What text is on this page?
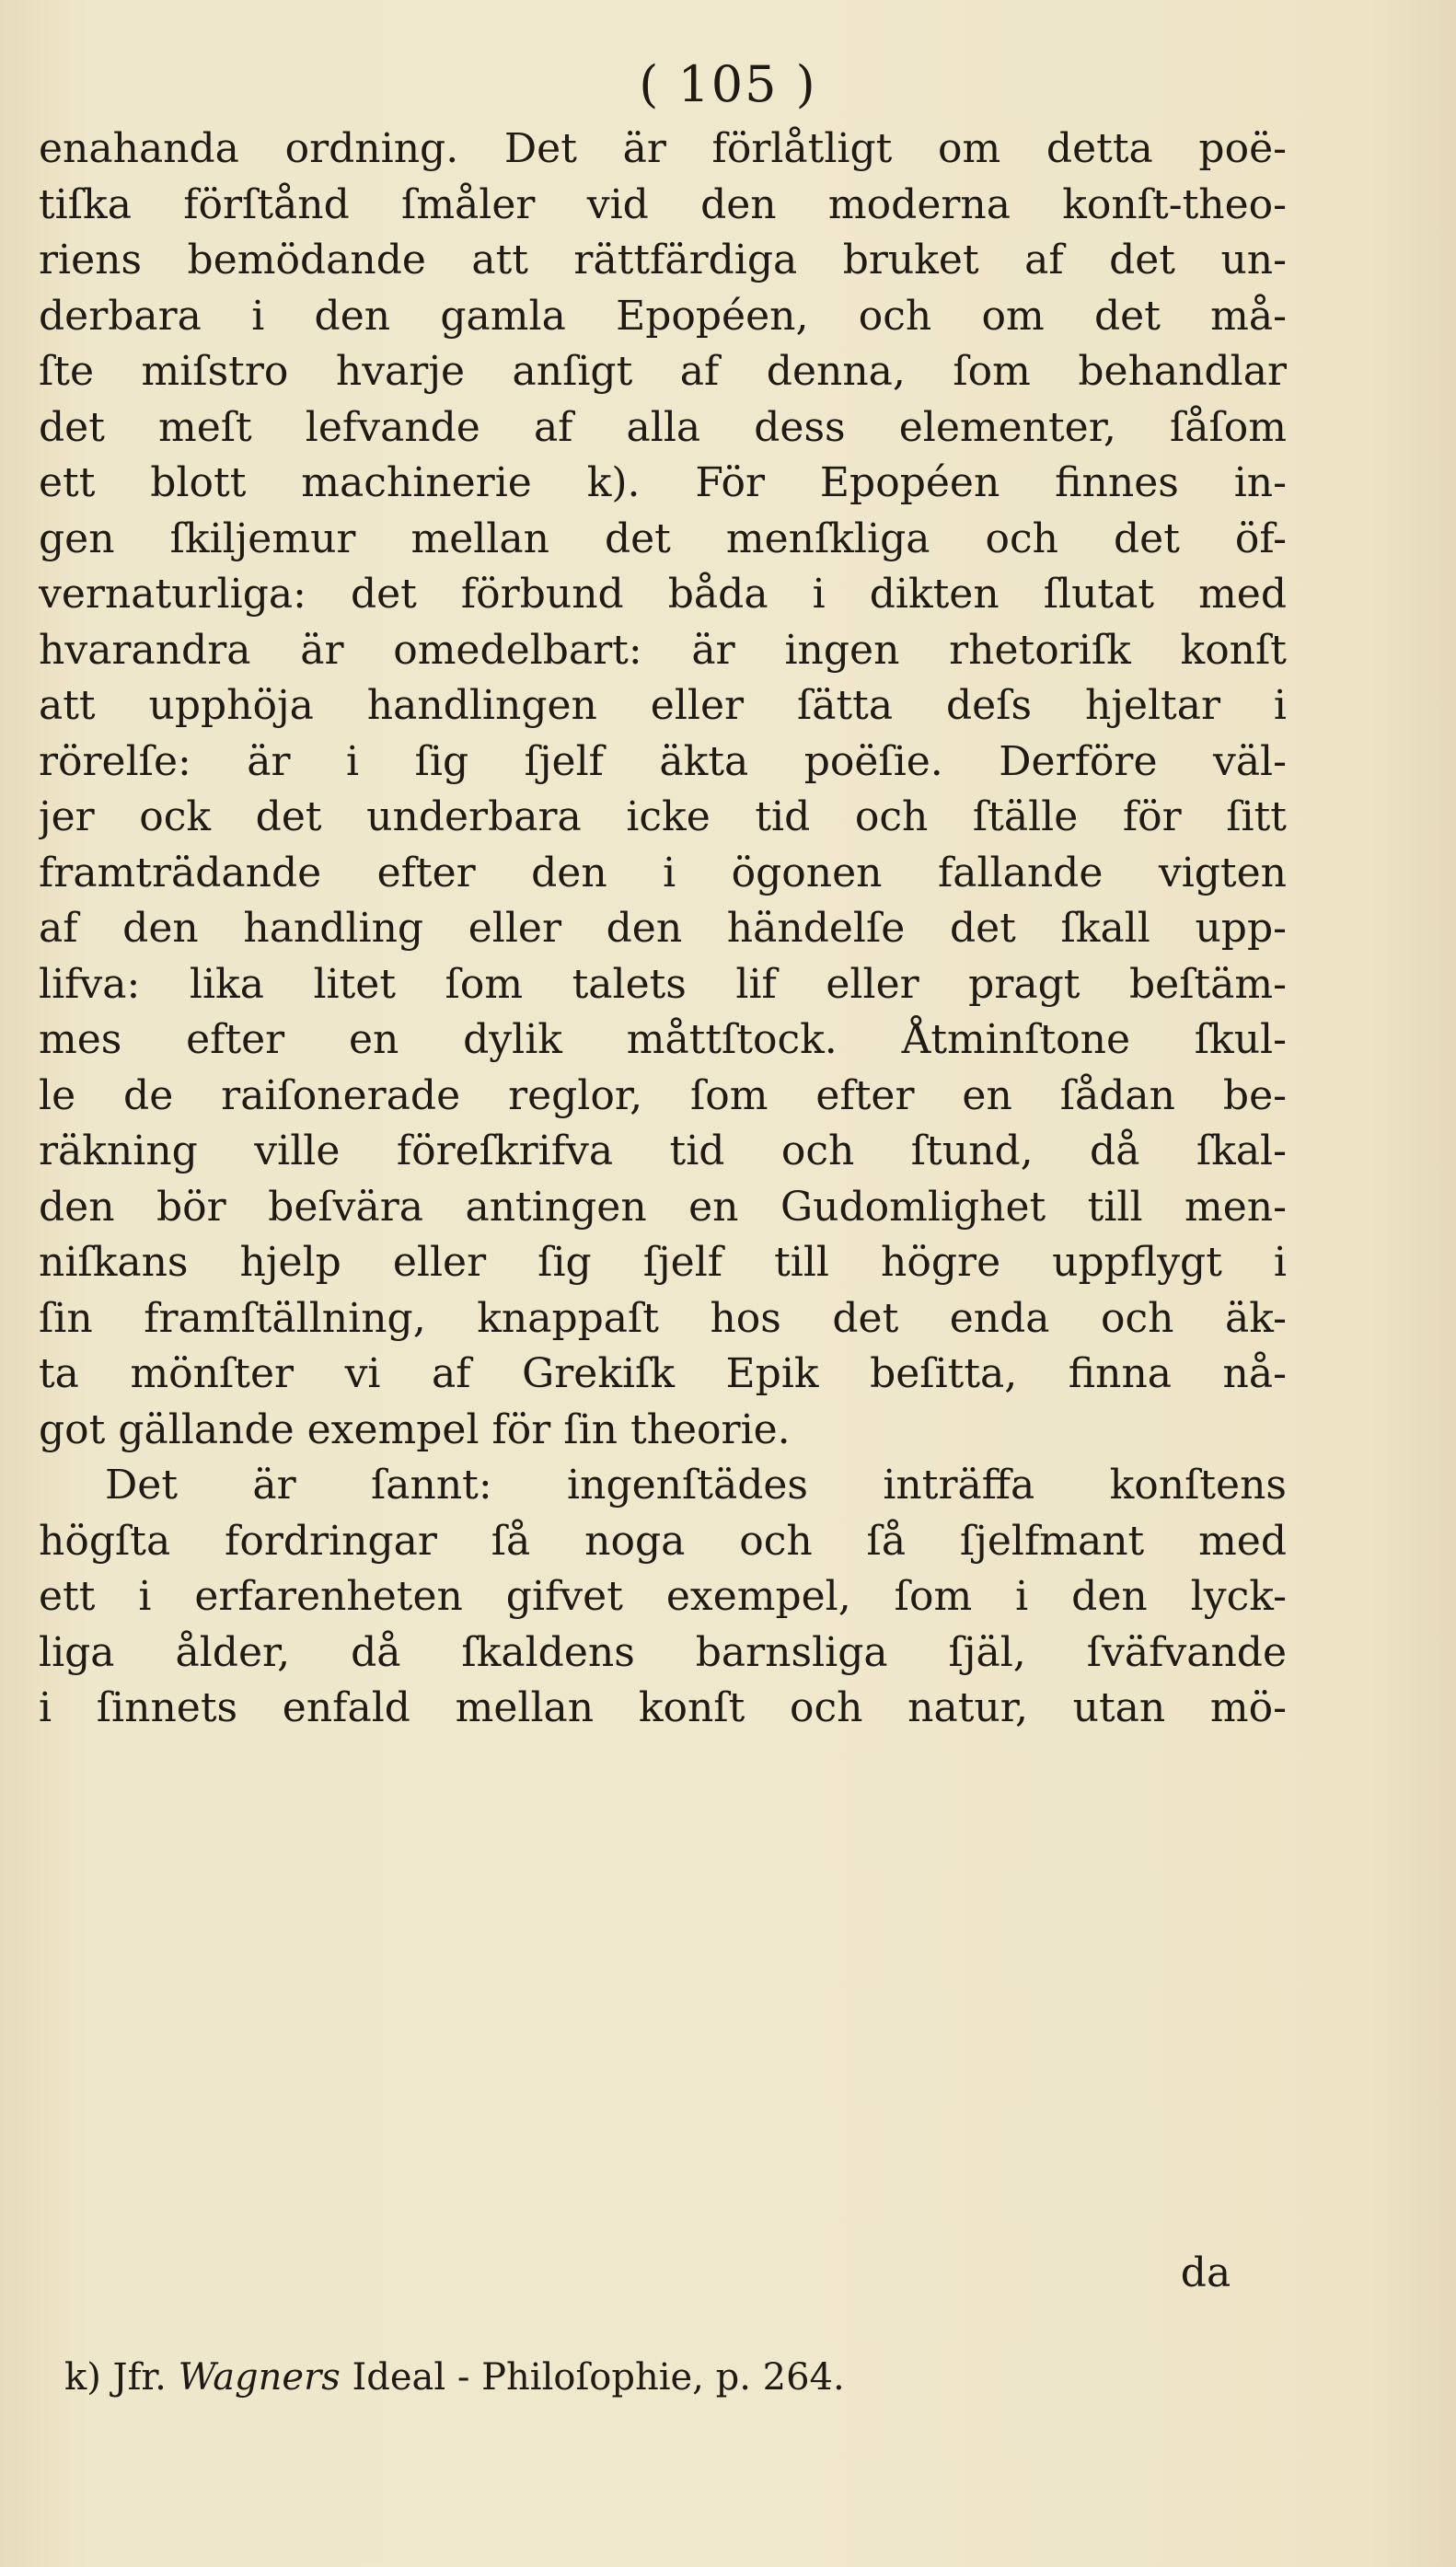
( 105 )
enahanda ordning. Det är förlåtligt om detta poë-
tiſka förſtånd ſmåler vid den moderna konſt-theo-
riens bemödande att rättfärdiga bruket af det un-
derbara i den gamla Epopéen, och om det må-
ſte miſstro hvarje anſigt af denna, ſom behandlar
det meſt lefvande af alla dess elementer, ſåſom
ett blott machinerie k). För Epopéen finnes in-
gen ſkiljemur mellan det menſkliga och det öf-
vernaturliga: det förbund båda i dikten ſlutat med
hvarandra är omedelbart: är ingen rhetoriſk konſt
att upphöja handlingen eller ſätta deſs hjeltar i
rörelſe: är i ſig ſjelf äkta poëſie. Derföre väl-
jer ock det underbara icke tid och ſtälle för ſitt
framträdande efter den i ögonen fallande vigten
af den handling eller den händelſe det ſkall upp-
lifva: lika litet ſom talets lif eller pragt beſtäm-
mes efter en dylik måttſtock. Åtminſtone ſkul-
le de raiſonerade reglor, ſom efter en ſådan be-
räkning ville föreſkrifva tid och ſtund, då ſkal-
den bör beſvära antingen en Gudomlighet till men-
niſkans hjelp eller ſig ſjelf till högre uppflygt i
ſin framſtällning, knappaſt hos det enda och äk-
ta mönſter vi af Grekiſk Epik beſitta, finna nå-
got gällande exempel för ſin theorie.
Det är ſannt: ingenſtädes inträffa konſtens
högſta fordringar ſå noga och ſå ſjelfmant med
ett i erfarenheten gifvet exempel, ſom i den lyck-
liga ålder, då ſkaldens barnsliga ſjäl, ſväfvande
i ſinnets enfald mellan konſt och natur, utan mö-
da
k) Jfr. Wagners Ideal - Philoſophie, p. 264.
